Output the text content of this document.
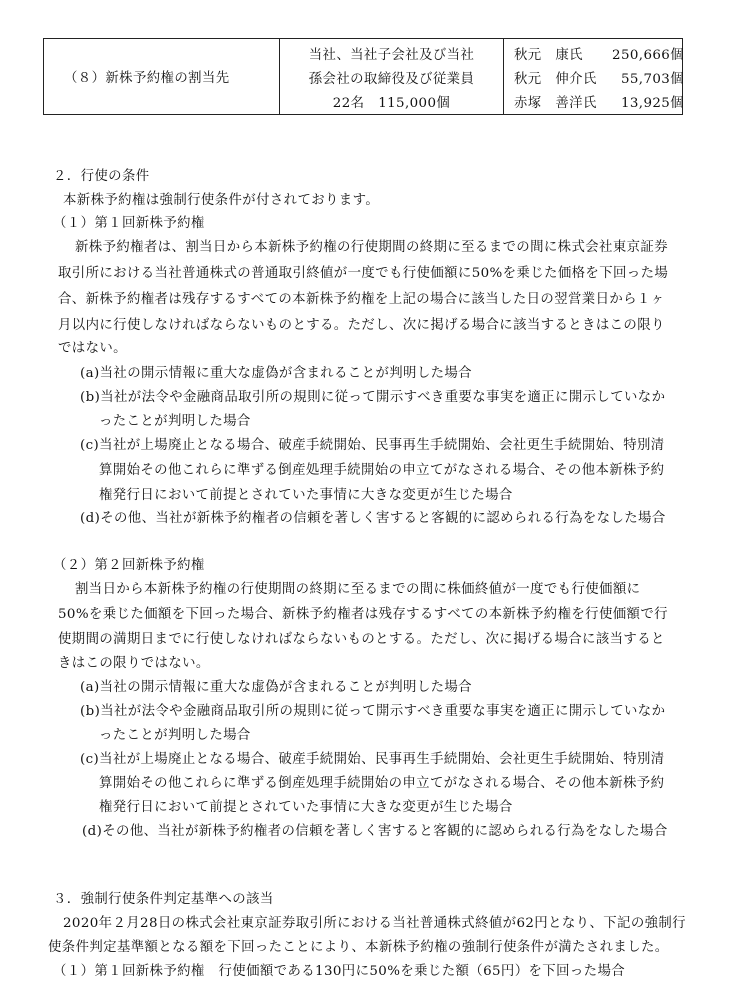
（８）新株予約権の割当先
当社、当社子会社及び当社
孫会社の取締役及び従業員
22名　115,000個
秋元　康氏 250,666個
秋元　伸介氏 55,703個
赤塚　善洋氏 13,925個
２．行使の条件
本新株予約権は強制行使条件が付されております。
（１）第１回新株予約権
新株予約権者は、割当日から本新株予約権の行使期間の終期に至るまでの間に株式会社東京証券
取引所における当社普通株式の普通取引終値が一度でも行使価額に50%を乗じた価格を下回った場
合、新株予約権者は残存するすべての本新株予約権を上記の場合に該当した日の翌営業日から１ヶ
月以内に行使しなければならないものとする。ただし、次に掲げる場合に該当するときはこの限り
ではない。
(a)当社の開示情報に重大な虚偽が含まれることが判明した場合
(b)当社が法令や金融商品取引所の規則に従って開示すべき重要な事実を適正に開示していなか
ったことが判明した場合
(c)当社が上場廃止となる場合、破産手続開始、民事再生手続開始、会社更生手続開始、特別清
算開始その他これらに準ずる倒産処理手続開始の申立てがなされる場合、その他本新株予約
権発行日において前提とされていた事情に大きな変更が生じた場合
(d)その他、当社が新株予約権者の信頼を著しく害すると客観的に認められる行為をなした場合
（２）第２回新株予約権
割当日から本新株予約権の行使期間の終期に至るまでの間に株価終値が一度でも行使価額に
50%を乗じた価額を下回った場合、新株予約権者は残存するすべての本新株予約権を行使価額で行
使期間の満期日までに行使しなければならないものとする。ただし、次に掲げる場合に該当すると
きはこの限りではない。
(a)当社の開示情報に重大な虚偽が含まれることが判明した場合
(b)当社が法令や金融商品取引所の規則に従って開示すべき重要な事実を適正に開示していなか
ったことが判明した場合
(c)当社が上場廃止となる場合、破産手続開始、民事再生手続開始、会社更生手続開始、特別清
算開始その他これらに準ずる倒産処理手続開始の申立てがなされる場合、その他本新株予約
権発行日において前提とされていた事情に大きな変更が生じた場合
(d)その他、当社が新株予約権者の信頼を著しく害すると客観的に認められる行為をなした場合
３．強制行使条件判定基準への該当
2020年２月28日の株式会社東京証券取引所における当社普通株式終値が62円となり、下記の強制行
使条件判定基準額となる額を下回ったことにより、本新株予約権の強制行使条件が満たされました。
（１）第１回新株予約権　行使価額である130円に50%を乗じた額（65円）を下回った場合
